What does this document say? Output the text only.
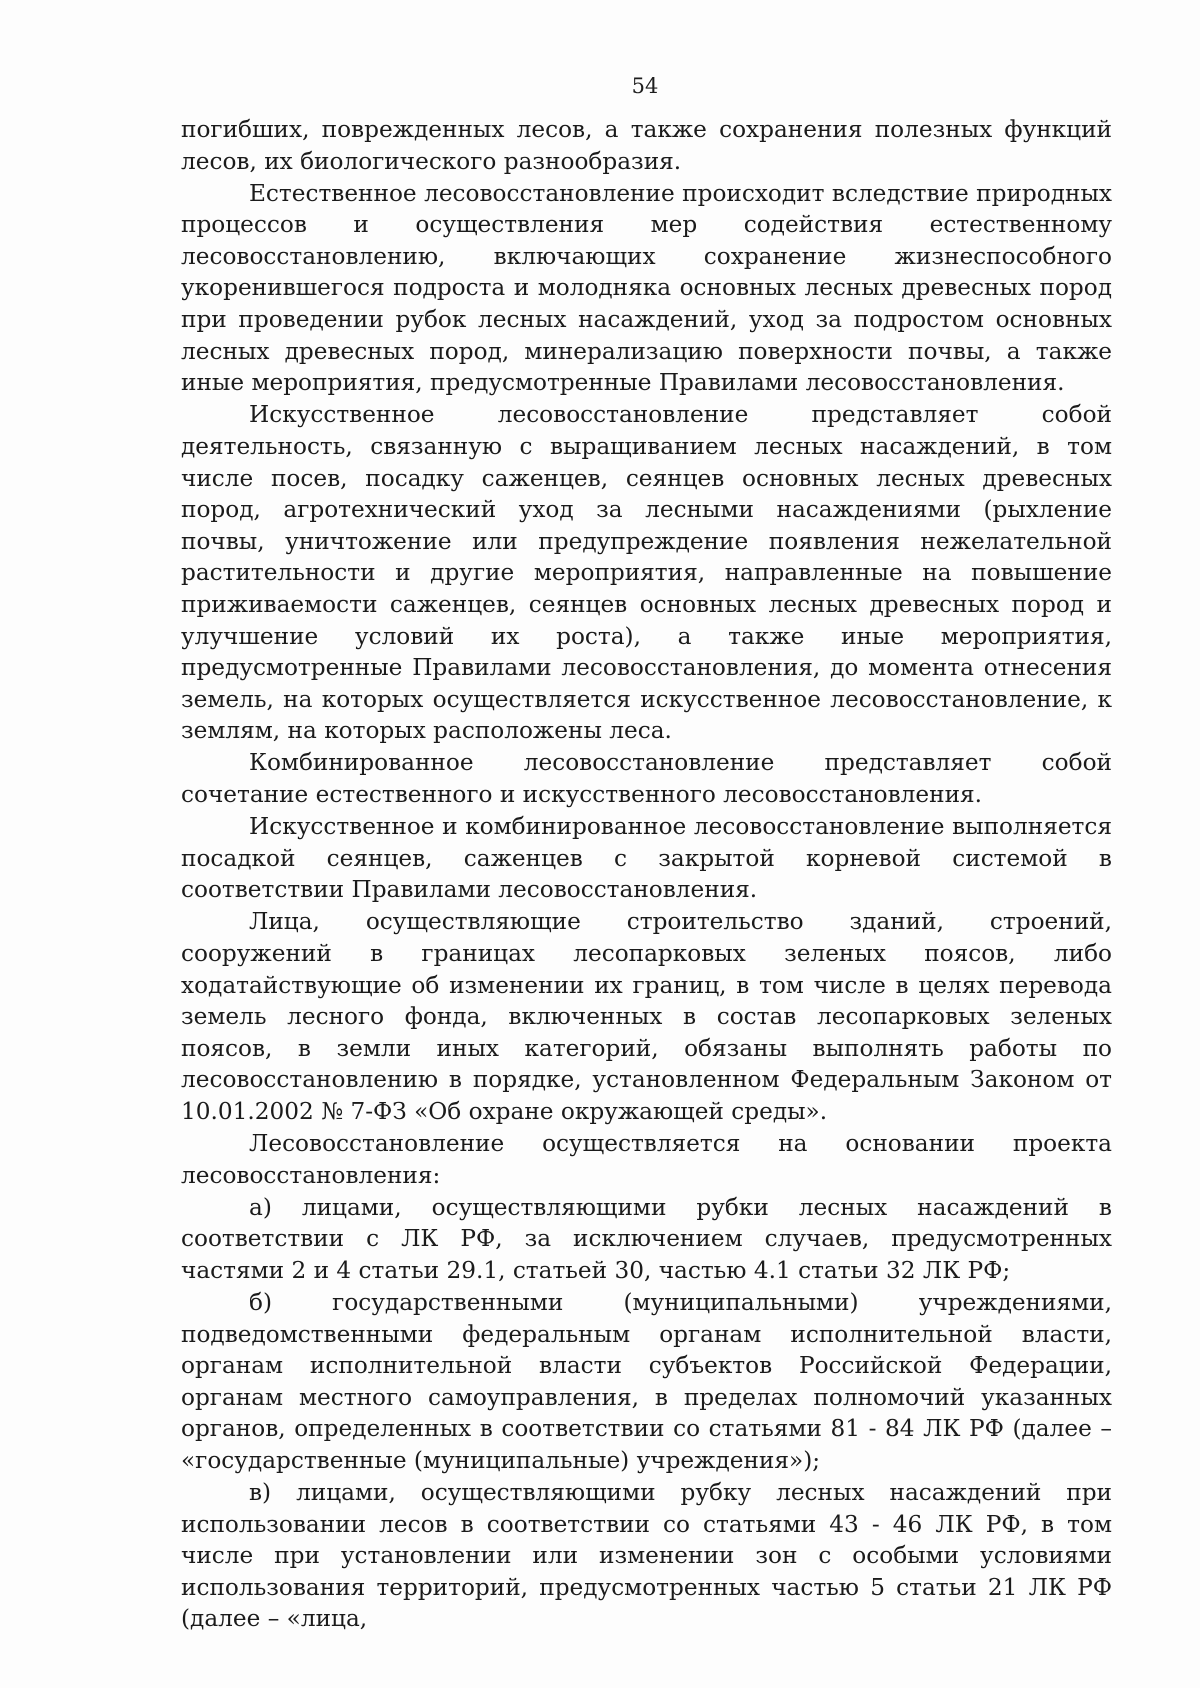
54

погибших, поврежденных лесов, а также сохранения полезных функций лесов, их биологического разнообразия.

Естественное лесовосстановление происходит вследствие природных процессов и осуществления мер содействия естественному лесовосстановлению, включающих сохранение жизнеспособного укоренившегося подроста и молодняка основных лесных древесных пород при проведении рубок лесных насаждений, уход за подростом основных лесных древесных пород, минерализацию поверхности почвы, а также иные мероприятия, предусмотренные Правилами лесовосстановления.

Искусственное лесовосстановление представляет собой деятельность, связанную с выращиванием лесных насаждений, в том числе посев, посадку саженцев, сеянцев основных лесных древесных пород, агротехнический уход за лесными насаждениями (рыхление почвы, уничтожение или предупреждение появления нежелательной растительности и другие мероприятия, направленные на повышение приживаемости саженцев, сеянцев основных лесных древесных пород и улучшение условий их роста), а также иные мероприятия, предусмотренные Правилами лесовосстановления, до момента отнесения земель, на которых осуществляется искусственное лесовосстановление, к землям, на которых расположены леса.

Комбинированное лесовосстановление представляет собой сочетание естественного и искусственного лесовосстановления.

Искусственное и комбинированное лесовосстановление выполняется посадкой сеянцев, саженцев с закрытой корневой системой в соответствии Правилами лесовосстановления.

Лица, осуществляющие строительство зданий, строений, сооружений в границах лесопарковых зеленых поясов, либо ходатайствующие об изменении их границ, в том числе в целях перевода земель лесного фонда, включенных в состав лесопарковых зеленых поясов, в земли иных категорий, обязаны выполнять работы по лесовосстановлению в порядке, установленном Федеральным Законом от 10.01.2002 № 7-ФЗ «Об охране окружающей среды».

Лесовосстановление осуществляется на основании проекта лесовосстановления:

а) лицами, осуществляющими рубки лесных насаждений в соответствии с ЛК РФ, за исключением случаев, предусмотренных частями 2 и 4 статьи 29.1, статьей 30, частью 4.1 статьи 32 ЛК РФ;

б) государственными (муниципальными) учреждениями, подведомственными федеральным органам исполнительной власти, органам исполнительной власти субъектов Российской Федерации, органам местного самоуправления, в пределах полномочий указанных органов, определенных в соответствии со статьями 81 - 84 ЛК РФ (далее – «государственные (муниципальные) учреждения»);

в) лицами, осуществляющими рубку лесных насаждений при использовании лесов в соответствии со статьями 43 - 46 ЛК РФ, в том числе при установлении или изменении зон с особыми условиями использования территорий, предусмотренных частью 5 статьи 21 ЛК РФ (далее – «лица,
